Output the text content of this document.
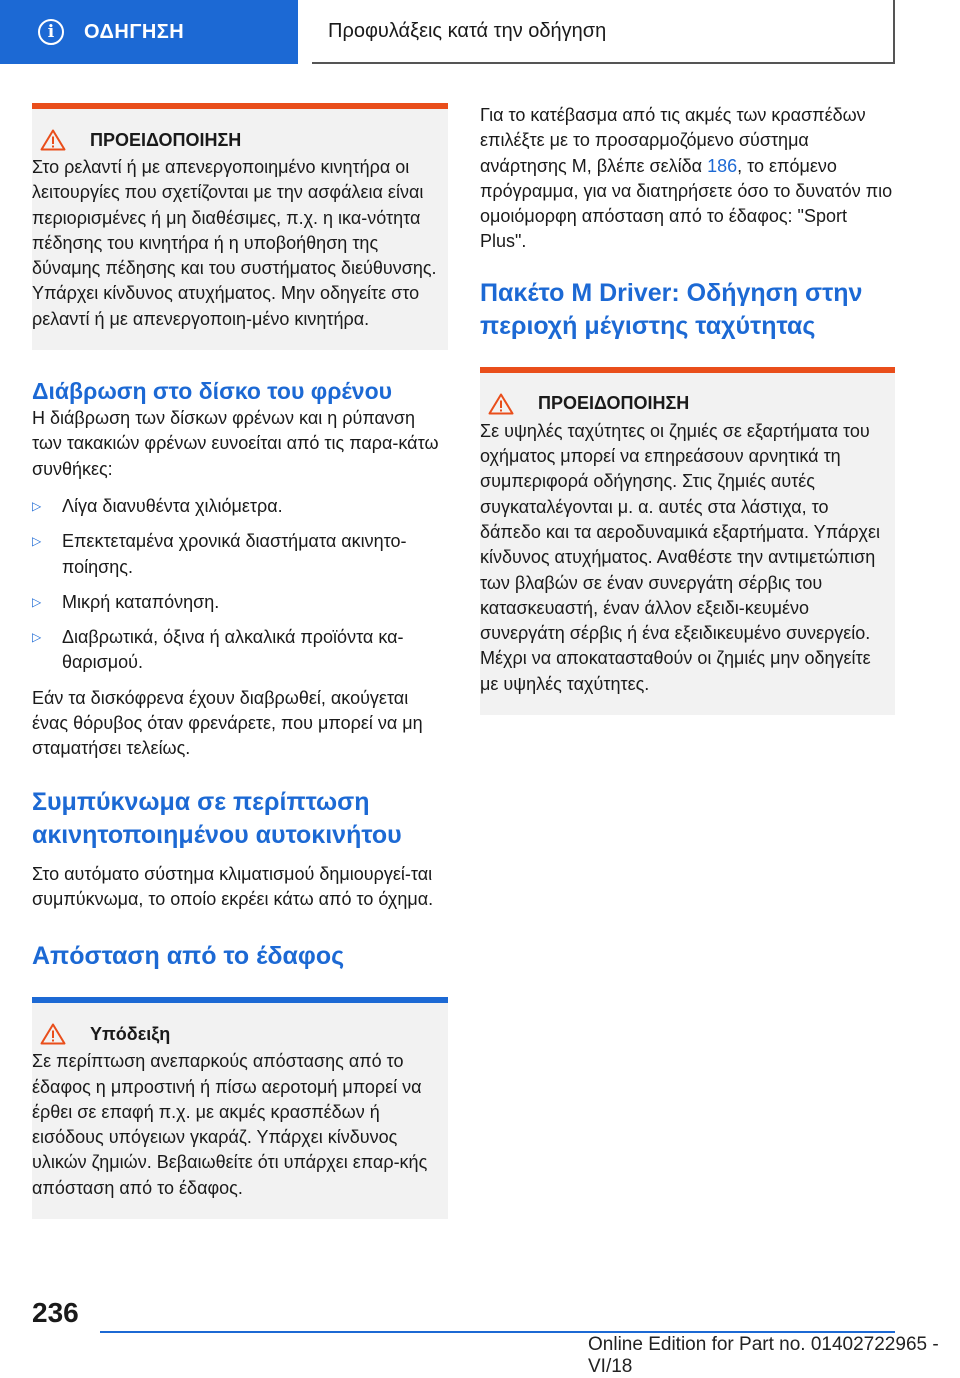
i	ΟΔΗΓΗΣΗ	Προφυλάξεις κατά την οδήγηση
ΠΡΟΕΙΔΟΠΟΙΗΣΗ

Στο ρελαντί ή με απενεργοποιημένο κινητήρα οι λειτουργίες που σχετίζονται με την ασφάλεια είναι περιορισμένες ή μη διαθέσιμες, π.χ. η ικα-νότητα πέδησης του κινητήρα ή η υποβοήθηση της δύναμης πέδησης και του συστήματος διεύθυνσης. Υπάρχει κίνδυνος ατυχήματος. Μην οδηγείτε στο ρελαντί ή με απενεργοποιη-μένο κινητήρα.

Διάβρωση στο δίσκο του φρένου

Η διάβρωση των δίσκων φρένων και η ρύπανση των τακακιών φρένων ευνοείται από τις παρα-κάτω συνθήκες:

▷	Λίγα διανυθέντα χιλιόμετρα.
▷	Επεκτεταμένα χρονικά διαστήματα ακινητο-ποίησης.
▷	Μικρή καταπόνηση.
▷	Διαβρωτικά, όξινα ή αλκαλικά προϊόντα κα-θαρισμού.

Εάν τα δισκόφρενα έχουν διαβρωθεί, ακούγεται ένας θόρυβος όταν φρενάρετε, που μπορεί να μη σταματήσει τελείως.

Συμπύκνωμα σε περίπτωση ακινητοποιημένου αυτοκινήτου

Στο αυτόματο σύστημα κλιματισμού δημιουργεί-ται συμπύκνωμα, το οποίο εκρέει κάτω από το όχημα.

Απόσταση από το έδαφος
Υπόδειξη

Σε περίπτωση ανεπαρκούς απόστασης από το έδαφος η μπροστινή ή πίσω αεροτομή μπορεί να έρθει σε επαφή π.χ. με ακμές κρασπέδων ή εισόδους υπόγειων γκαράζ. Υπάρχει κίνδυνος υλικών ζημιών. Βεβαιωθείτε ότι υπάρχει επαρ-κής απόσταση από το έδαφος.

Για το κατέβασμα από τις ακμές των κρασπέδων επιλέξτε με το προσαρμοζόμενο σύστημα ανάρτησης M, βλέπε σελίδα 186, το επόμενο πρόγραμμα, για να διατηρήσετε όσο το δυνατόν πιο ομοιόμορφη απόσταση από το έδαφος: "Sport Plus".

Πακέτο M Driver: Οδήγηση στην περιοχή μέγιστης ταχύτητας
ΠΡΟΕΙΔΟΠΟΙΗΣΗ

Σε υψηλές ταχύτητες οι ζημιές σε εξαρτήματα του οχήματος μπορεί να επηρεάσουν αρνητικά τη συμπεριφορά οδήγησης. Στις ζημιές αυτές συγκαταλέγονται μ. α. αυτές στα λάστιχα, το δάπεδο και τα αεροδυναμικά εξαρτήματα. Υπάρχει κίνδυνος ατυχήματος. Αναθέστε την αντιμετώπιση των βλαβών σε έναν συνεργάτη σέρβις του κατασκευαστή, έναν άλλον εξειδι-κευμένο συνεργάτη σέρβις ή ένα εξειδικευμένο συνεργείο. Μέχρι να αποκατασταθούν οι ζημιές μην οδηγείτε με υψηλές ταχύτητες.

236
Online Edition for Part no. 01402722965 - VI/18
